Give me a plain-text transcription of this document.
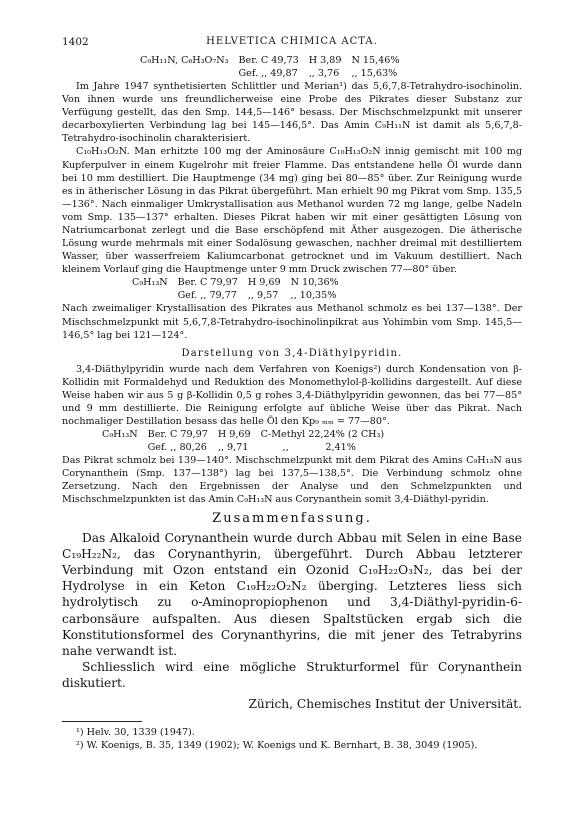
1402	HELVETICA CHIMICA ACTA.
C₉H₁₁N, C₆H₃O₇N₃	Ber. C 49,73	H 3,89	N 15,46%
	Gef. ,, 49,87	,, 3,76	,, 15,63%

Im Jahre 1947 synthetisierten Schlittler und Merian¹) das 5,6,7,8-Tetrahydro-isochinolin. Von ihnen wurde uns freundlicherweise eine Probe des Pikrates dieser Substanz zur Verfügung gestellt, das den Smp. 144,5—146° besass. Der Mischschmelzpunkt mit unserer decarboxylierten Verbindung lag bei 145—146,5°. Das Amin C₉H₁₁N ist damit als 5,6,7,8-Tetrahydro-isochinolin charakterisiert.

C₁₀H₁₃O₂N. Man erhitzte 100 mg der Aminosäure C₁₀H₁₃O₂N innig gemischt mit 100 mg Kupferpulver in einem Kugelrohr mit freier Flamme. Das entstandene helle Öl wurde dann bei 10 mm destilliert. Die Hauptmenge (34 mg) ging bei 80—85° über. Zur Reinigung wurde es in ätherischer Lösung in das Pikrat übergeführt. Man erhielt 90 mg Pikrat vom Smp. 135,5—136°. Nach einmaliger Umkrystallisation aus Methanol wurden 72 mg lange, gelbe Nadeln vom Smp. 135—137° erhalten. Dieses Pikrat haben wir mit einer gesättigten Lösung von Natriumcarbonat zerlegt und die Base erschöpfend mit Äther ausgezogen. Die ätherische Lösung wurde mehrmals mit einer Sodalösung gewaschen, nachher dreimal mit destilliertem Wasser, über wasserfreiem Kaliumcarbonat getrocknet und im Vakuum destilliert. Nach kleinem Vorlauf ging die Hauptmenge unter 9 mm Druck zwischen 77—80° über.

C₉H₁₃N	Ber. C 79,97	H 9,69	N 10,36%
	Gef. ,, 79,77	,, 9,57	,, 10,35%

Nach zweimaliger Krystallisation des Pikrates aus Methanol schmolz es bei 137—138°. Der Mischschmelzpunkt mit 5,6,7,8-Tetrahydro-isochinolinpikrat aus Yohimbin vom Smp. 145,5—146,5° lag bei 121—124°.

Darstellung von 3,4-Diäthylpyridin.

3,4-Diäthylpyridin wurde nach dem Verfahren von Koenigs²) durch Kondensation von β-Kollidin mit Formaldehyd und Reduktion des Monomethylol-β-kollidins dargestellt. Auf diese Weise haben wir aus 5 g β-Kollidin 0,5 g rohes 3,4-Diäthylpyridin gewonnen, das bei 77—85° und 9 mm destillierte. Die Reinigung erfolgte auf übliche Weise über das Pikrat. Nach nochmaliger Destillation besass das helle Öl den Kp₉ ₘₘ = 77—80°.

C₉H₁₃N	Ber. C 79,97	H 9,69	C-Methyl 22,24% (2 CH₃)	
	Gef. ,, 80,26	,, 9,71	,,	2,41%

Das Pikrat schmolz bei 139—140°. Mischschmelzpunkt mit dem Pikrat des Amins C₉H₁₃N aus Corynanthein (Smp. 137—138°) lag bei 137,5—138,5°. Die Verbindung schmolz ohne Zersetzung. Nach den Ergebnissen der Analyse und den Schmelzpunkten und Mischschmelzpunkten ist das Amin C₉H₁₃N aus Corynanthein somit 3,4-Diäthyl-pyridin.

Zusammenfassung.

Das Alkaloid Corynanthein wurde durch Abbau mit Selen in eine Base C₁₉H₂₂N₂, das Corynanthyrin, übergeführt. Durch Abbau letzterer Verbindung mit Ozon entstand ein Ozonid C₁₉H₂₂O₃N₂, das bei der Hydrolyse in ein Keton C₁₉H₂₂O₂N₂ überging. Letzteres liess sich hydrolytisch zu o-Aminopropiophenon und 3,4-Diäthyl-pyridin-6-carbonsäure aufspalten. Aus diesen Spaltstücken ergab sich die Konstitutionsformel des Corynanthyrins, die mit jener des Tetrabyrins nahe verwandt ist.

Schliesslich wird eine mögliche Strukturformel für Corynanthein diskutiert.

Zürich, Chemisches Institut der Universität.
¹) Helv. 30, 1339 (1947).
²) W. Koenigs, B. 35, 1349 (1902); W. Koenigs und K. Bernhart, B. 38, 3049 (1905).
